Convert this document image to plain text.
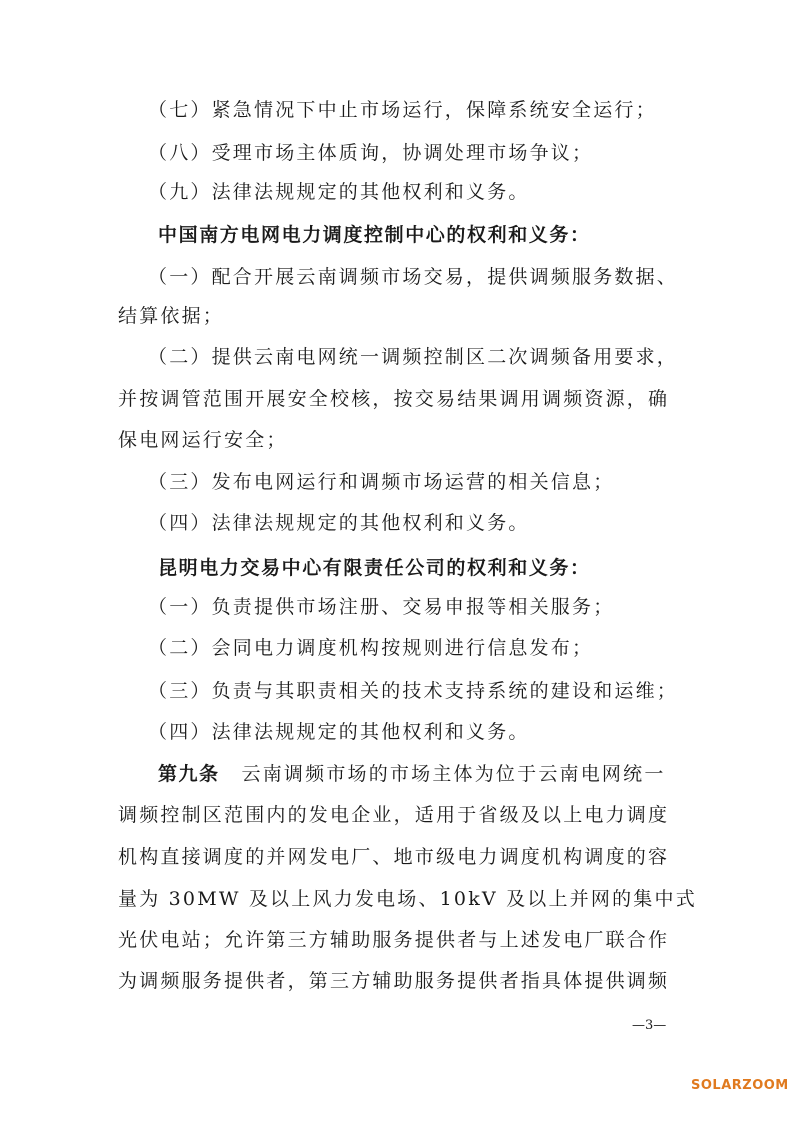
（七）紧急情况下中止市场运行，保障系统安全运行；
（八）受理市场主体质询，协调处理市场争议；
（九）法律法规规定的其他权利和义务。
中国南方电网电力调度控制中心的权利和义务：
（一）配合开展云南调频市场交易，提供调频服务数据、
结算依据；
（二）提供云南电网统一调频控制区二次调频备用要求，
并按调管范围开展安全校核，按交易结果调用调频资源，确
保电网运行安全；
（三）发布电网运行和调频市场运营的相关信息；
（四）法律法规规定的其他权利和义务。
昆明电力交易中心有限责任公司的权利和义务：
（一）负责提供市场注册、交易申报等相关服务；
（二）会同电力调度机构按规则进行信息发布；
（三）负责与其职责相关的技术支持系统的建设和运维；
（四）法律法规规定的其他权利和义务。
第九条 云南调频市场的市场主体为位于云南电网统一
调频控制区范围内的发电企业，适用于省级及以上电力调度
机构直接调度的并网发电厂、地市级电力调度机构调度的容
量为 30MW 及以上风力发电场、10kV 及以上并网的集中式
光伏电站；允许第三方辅助服务提供者与上述发电厂联合作
为调频服务提供者，第三方辅助服务提供者指具体提供调频
—3—
SOLARZOOM
